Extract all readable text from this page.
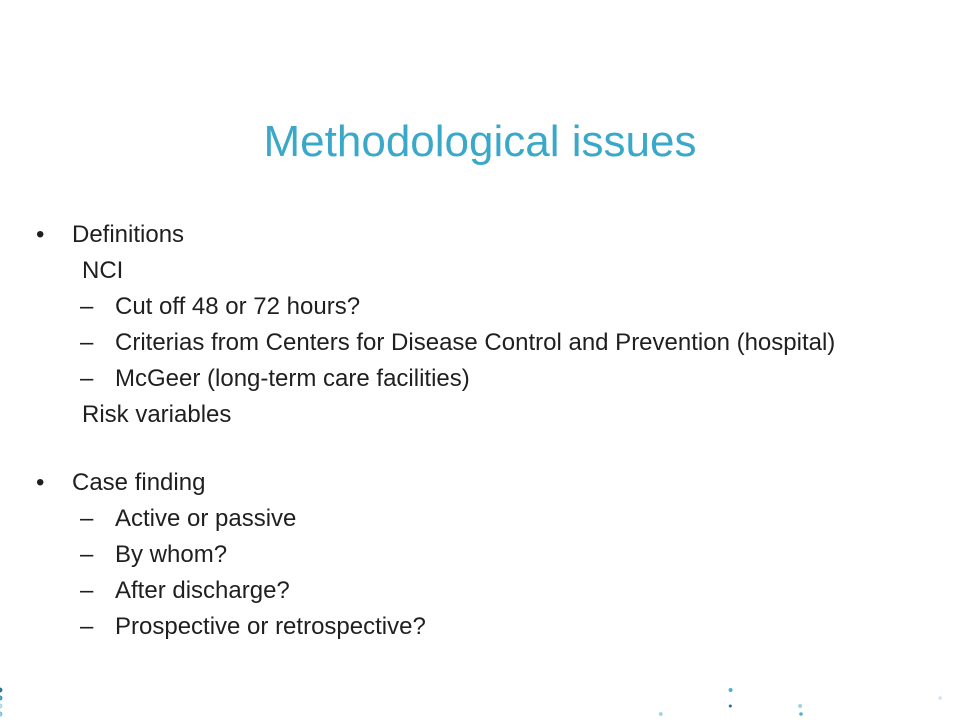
Methodological issues
•	Definitions
NCI
– Cut off 48 or 72 hours?
– Criterias from Centers for Disease Control and Prevention (hospital)
– McGeer (long-term care facilities)
Risk variables
•	Case finding
– Active or passive
– By whom?
– After discharge?
– Prospective or retrospective?
